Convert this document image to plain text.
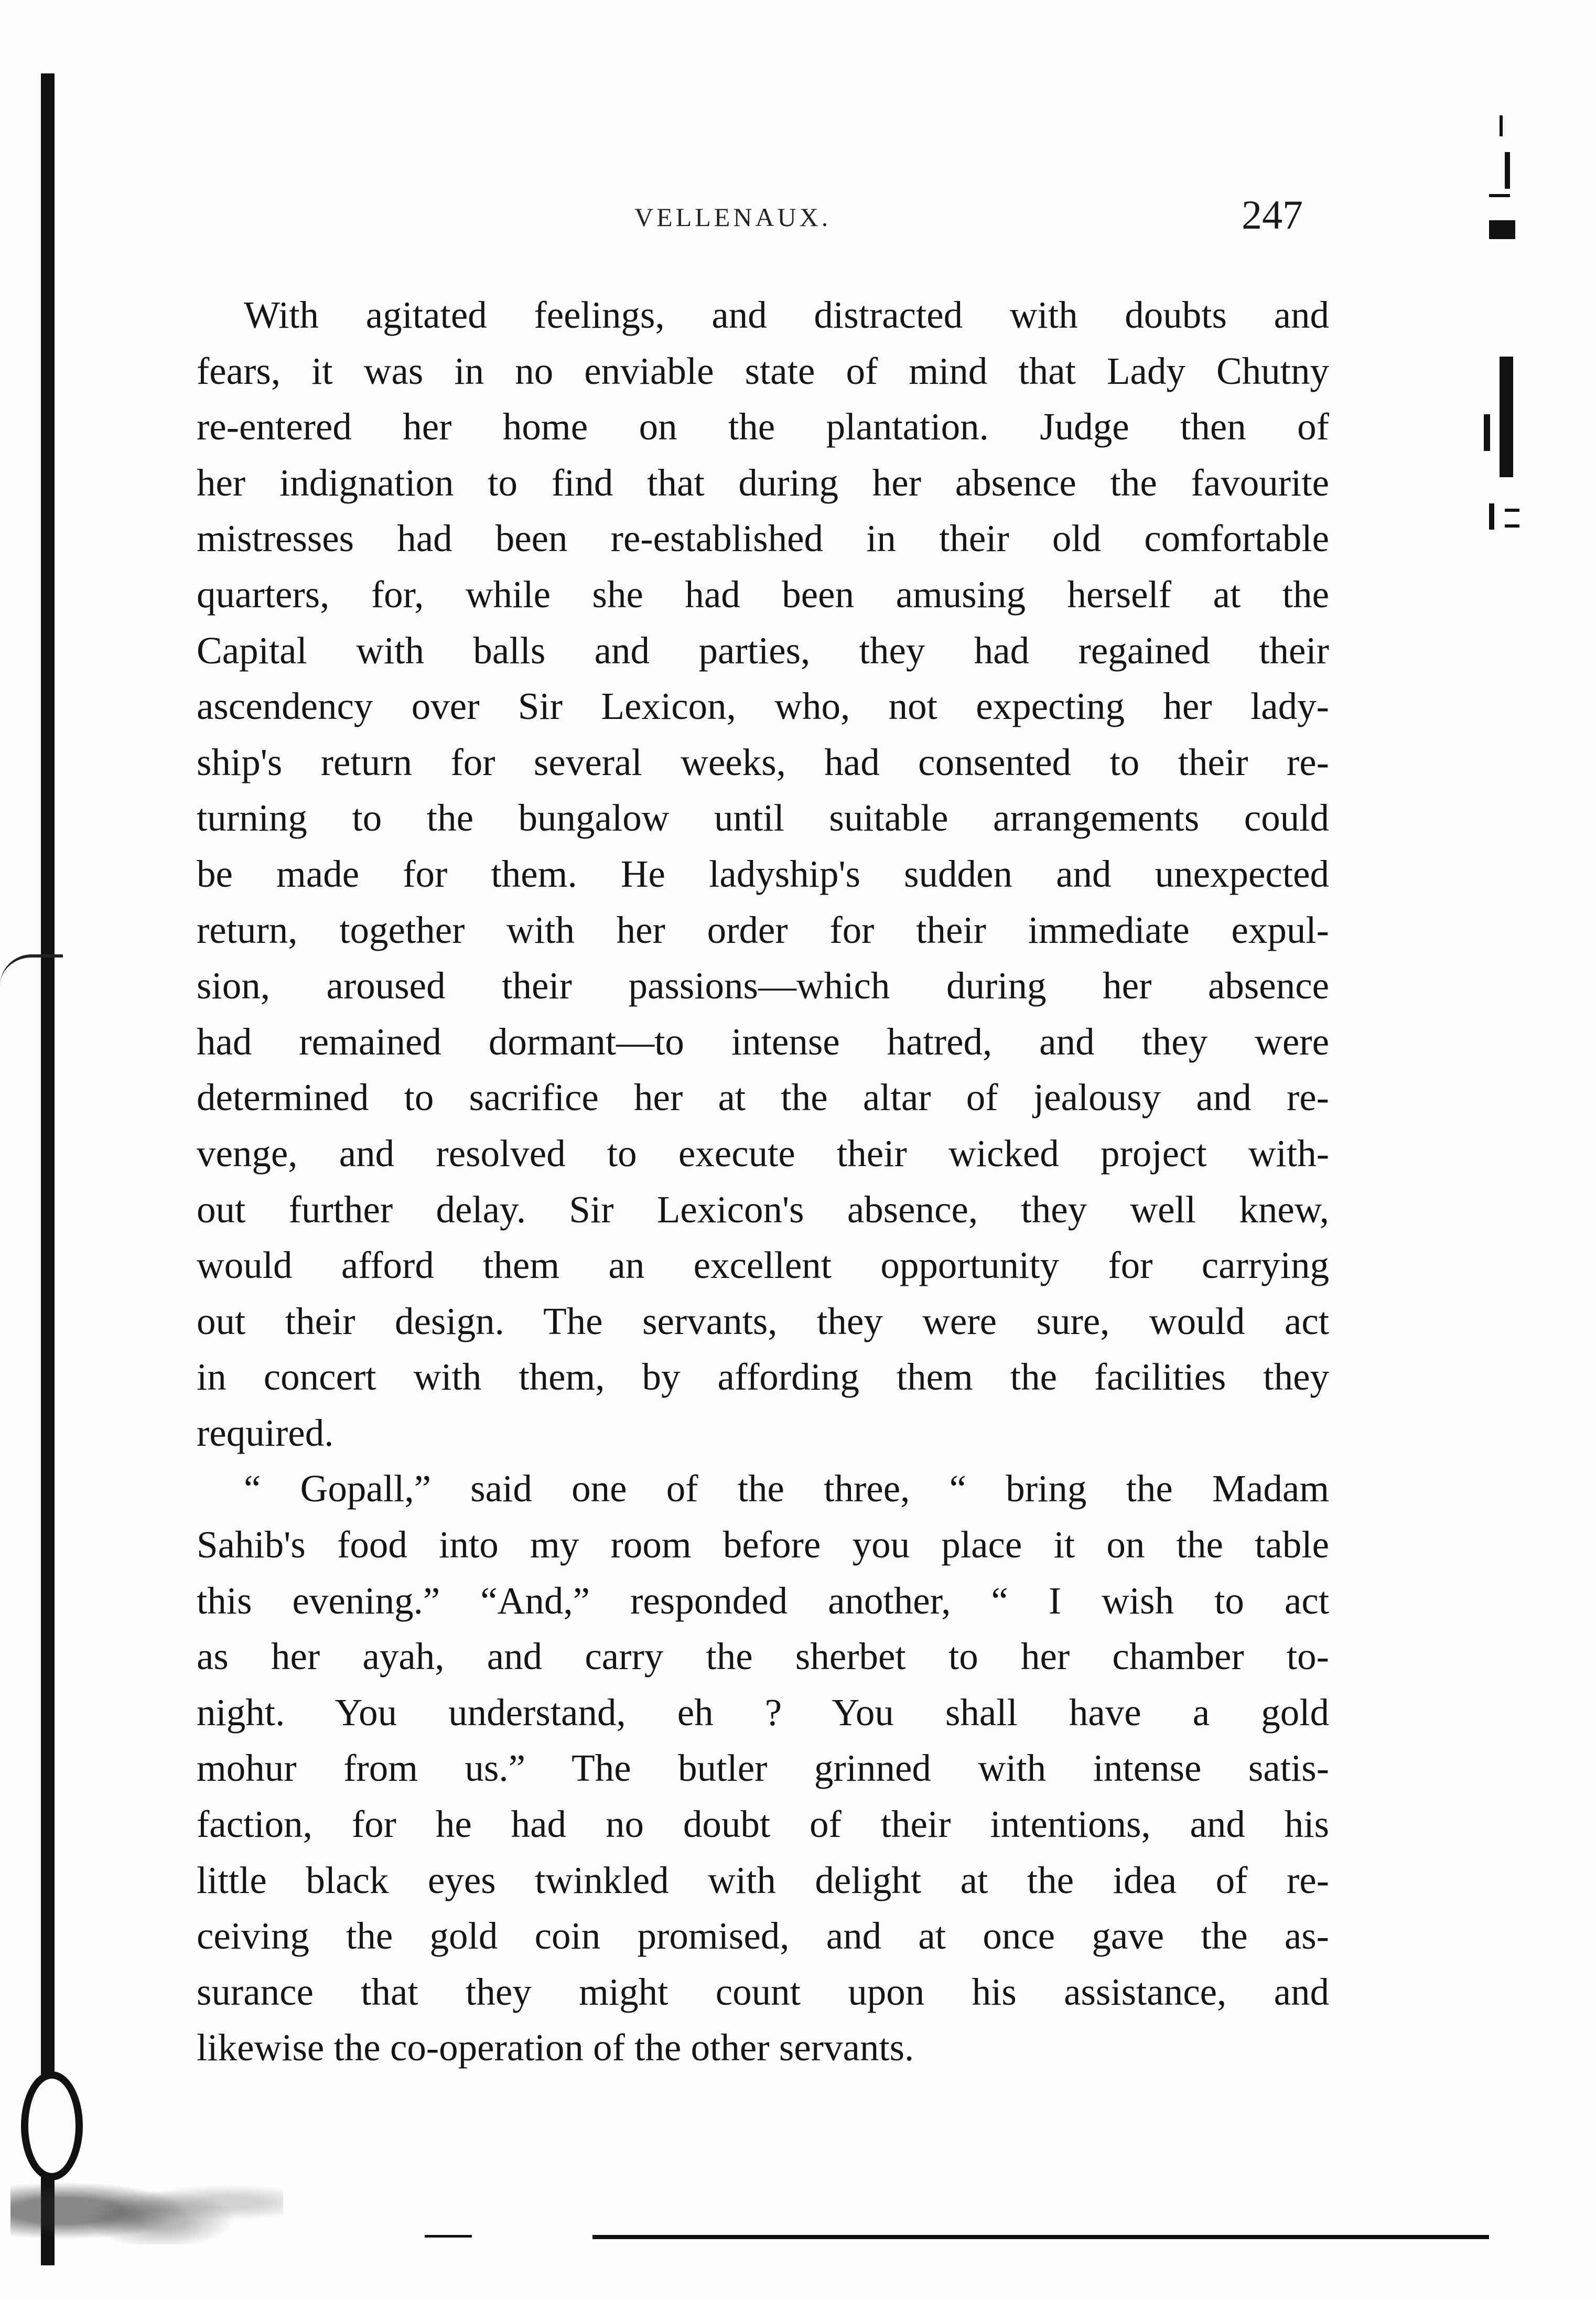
VELLENAUX.	247
With agitated feelings, and distracted with doubts and
fears, it was in no enviable state of mind that Lady Chutny
re-entered her home on the plantation. Judge then of
her indignation to find that during her absence the favourite
mistresses had been re-established in their old comfortable
quarters, for, while she had been amusing herself at the
Capital with balls and parties, they had regained their
ascendency over Sir Lexicon, who, not expecting her lady-
ship's return for several weeks, had consented to their re-
turning to the bungalow until suitable arrangements could
be made for them. He ladyship's sudden and unexpected
return, together with her order for their immediate expul-
sion, aroused their passions—which during her absence
had remained dormant—to intense hatred, and they were
determined to sacrifice her at the altar of jealousy and re-
venge, and resolved to execute their wicked project with-
out further delay. Sir Lexicon's absence, they well knew,
would afford them an excellent opportunity for carrying
out their design. The servants, they were sure, would act
in concert with them, by affording them the facilities they
required.
“ Gopall,” said one of the three, “ bring the Madam
Sahib's food into my room before you place it on the table
this evening.” “And,” responded another, “ I wish to act
as her ayah, and carry the sherbet to her chamber to-
night. You understand, eh ? You shall have a gold
mohur from us.” The butler grinned with intense satis-
faction, for he had no doubt of their intentions, and his
little black eyes twinkled with delight at the idea of re-
ceiving the gold coin promised, and at once gave the as-
surance that they might count upon his assistance, and
likewise the co-operation of the other servants.
